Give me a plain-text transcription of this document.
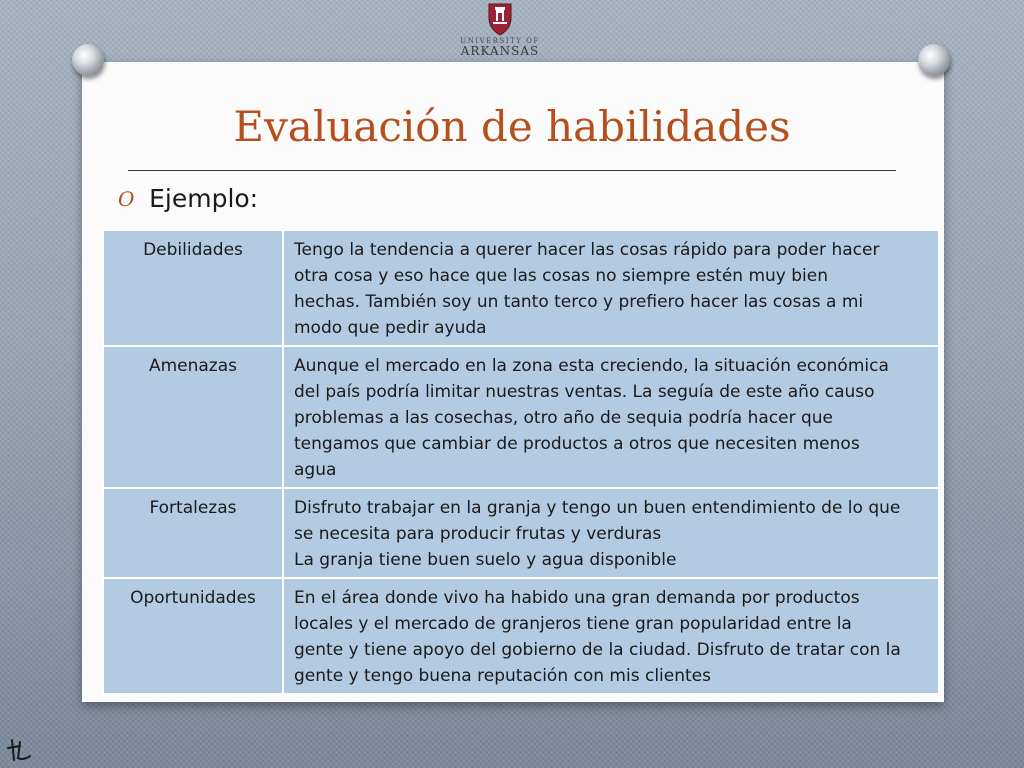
UNIVERSITY OF
ARKANSAS
Evaluación de habilidades
O Ejemplo:
Debilidades	Tengo la tendencia a querer hacer las cosas rápido para poder hacer
otra cosa y eso hace que las cosas no siempre estén muy bien
hechas. También soy un tanto terco y prefiero hacer las cosas a mi
modo que pedir ayuda
Amenazas	Aunque el mercado en la zona esta creciendo, la situación económica
del país podría limitar nuestras ventas. La seguía de este año causo
problemas a las cosechas, otro año de sequia podría hacer que
tengamos que cambiar de productos a otros que necesiten menos
agua
Fortalezas	Disfruto trabajar en la granja y tengo un buen entendimiento de lo que
se necesita para producir frutas y verduras
La granja tiene buen suelo y agua disponible
Oportunidades	En el área donde vivo ha habido una gran demanda por productos
locales y el mercado de granjeros tiene gran popularidad entre la
gente y tiene apoyo del gobierno de la ciudad. Disfruto de tratar con la
gente y tengo buena reputación con mis clientes
